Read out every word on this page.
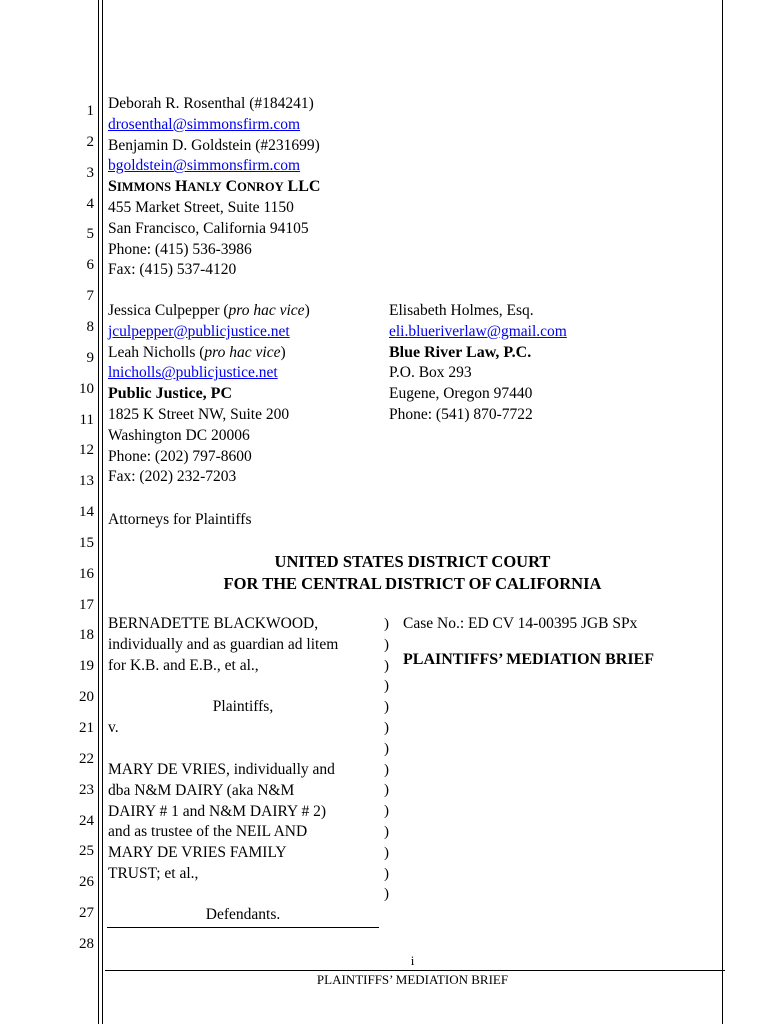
1
2
3
4
5
6
7
8
9
10
11
12
13
14
15
16
17
18
19
20
21
22
23
24
25
26
27
28
Deborah R. Rosenthal (#184241)
drosenthal@simmonsfirm.com
Benjamin D. Goldstein (#231699)
bgoldstein@simmonsfirm.com
SIMMONS HANLY CONROY LLC
455 Market Street, Suite 1150
San Francisco, California 94105
Phone: (415) 536-3986
Fax: (415) 537-4120
Jessica Culpepper (pro hac vice)
jculpepper@publicjustice.net
Leah Nicholls (pro hac vice)
lnicholls@publicjustice.net
Public Justice, PC
1825 K Street NW, Suite 200
Washington DC 20006
Phone: (202) 797-8600
Fax: (202) 232-7203
Elisabeth Holmes, Esq.
eli.blueriverlaw@gmail.com
Blue River Law, P.C.
P.O. Box 293
Eugene, Oregon 97440
Phone: (541) 870-7722
Attorneys for Plaintiffs
UNITED STATES DISTRICT COURT
FOR THE CENTRAL DISTRICT OF CALIFORNIA
BERNADETTE BLACKWOOD,
individually and as guardian ad litem
for K.B. and E.B., et al.,
Plaintiffs,
v.
MARY DE VRIES, individually and
dba N&M DAIRY (aka N&M
DAIRY # 1 and N&M DAIRY # 2)
and as trustee of the NEIL AND
MARY DE VRIES FAMILY
TRUST; et al.,
Defendants.
)
)
)
)
)
)
)
)
)
)
)
)
)
)
Case No.: ED CV 14-00395 JGB SPx
PLAINTIFFS’ MEDIATION BRIEF
i
PLAINTIFFS’ MEDIATION BRIEF
